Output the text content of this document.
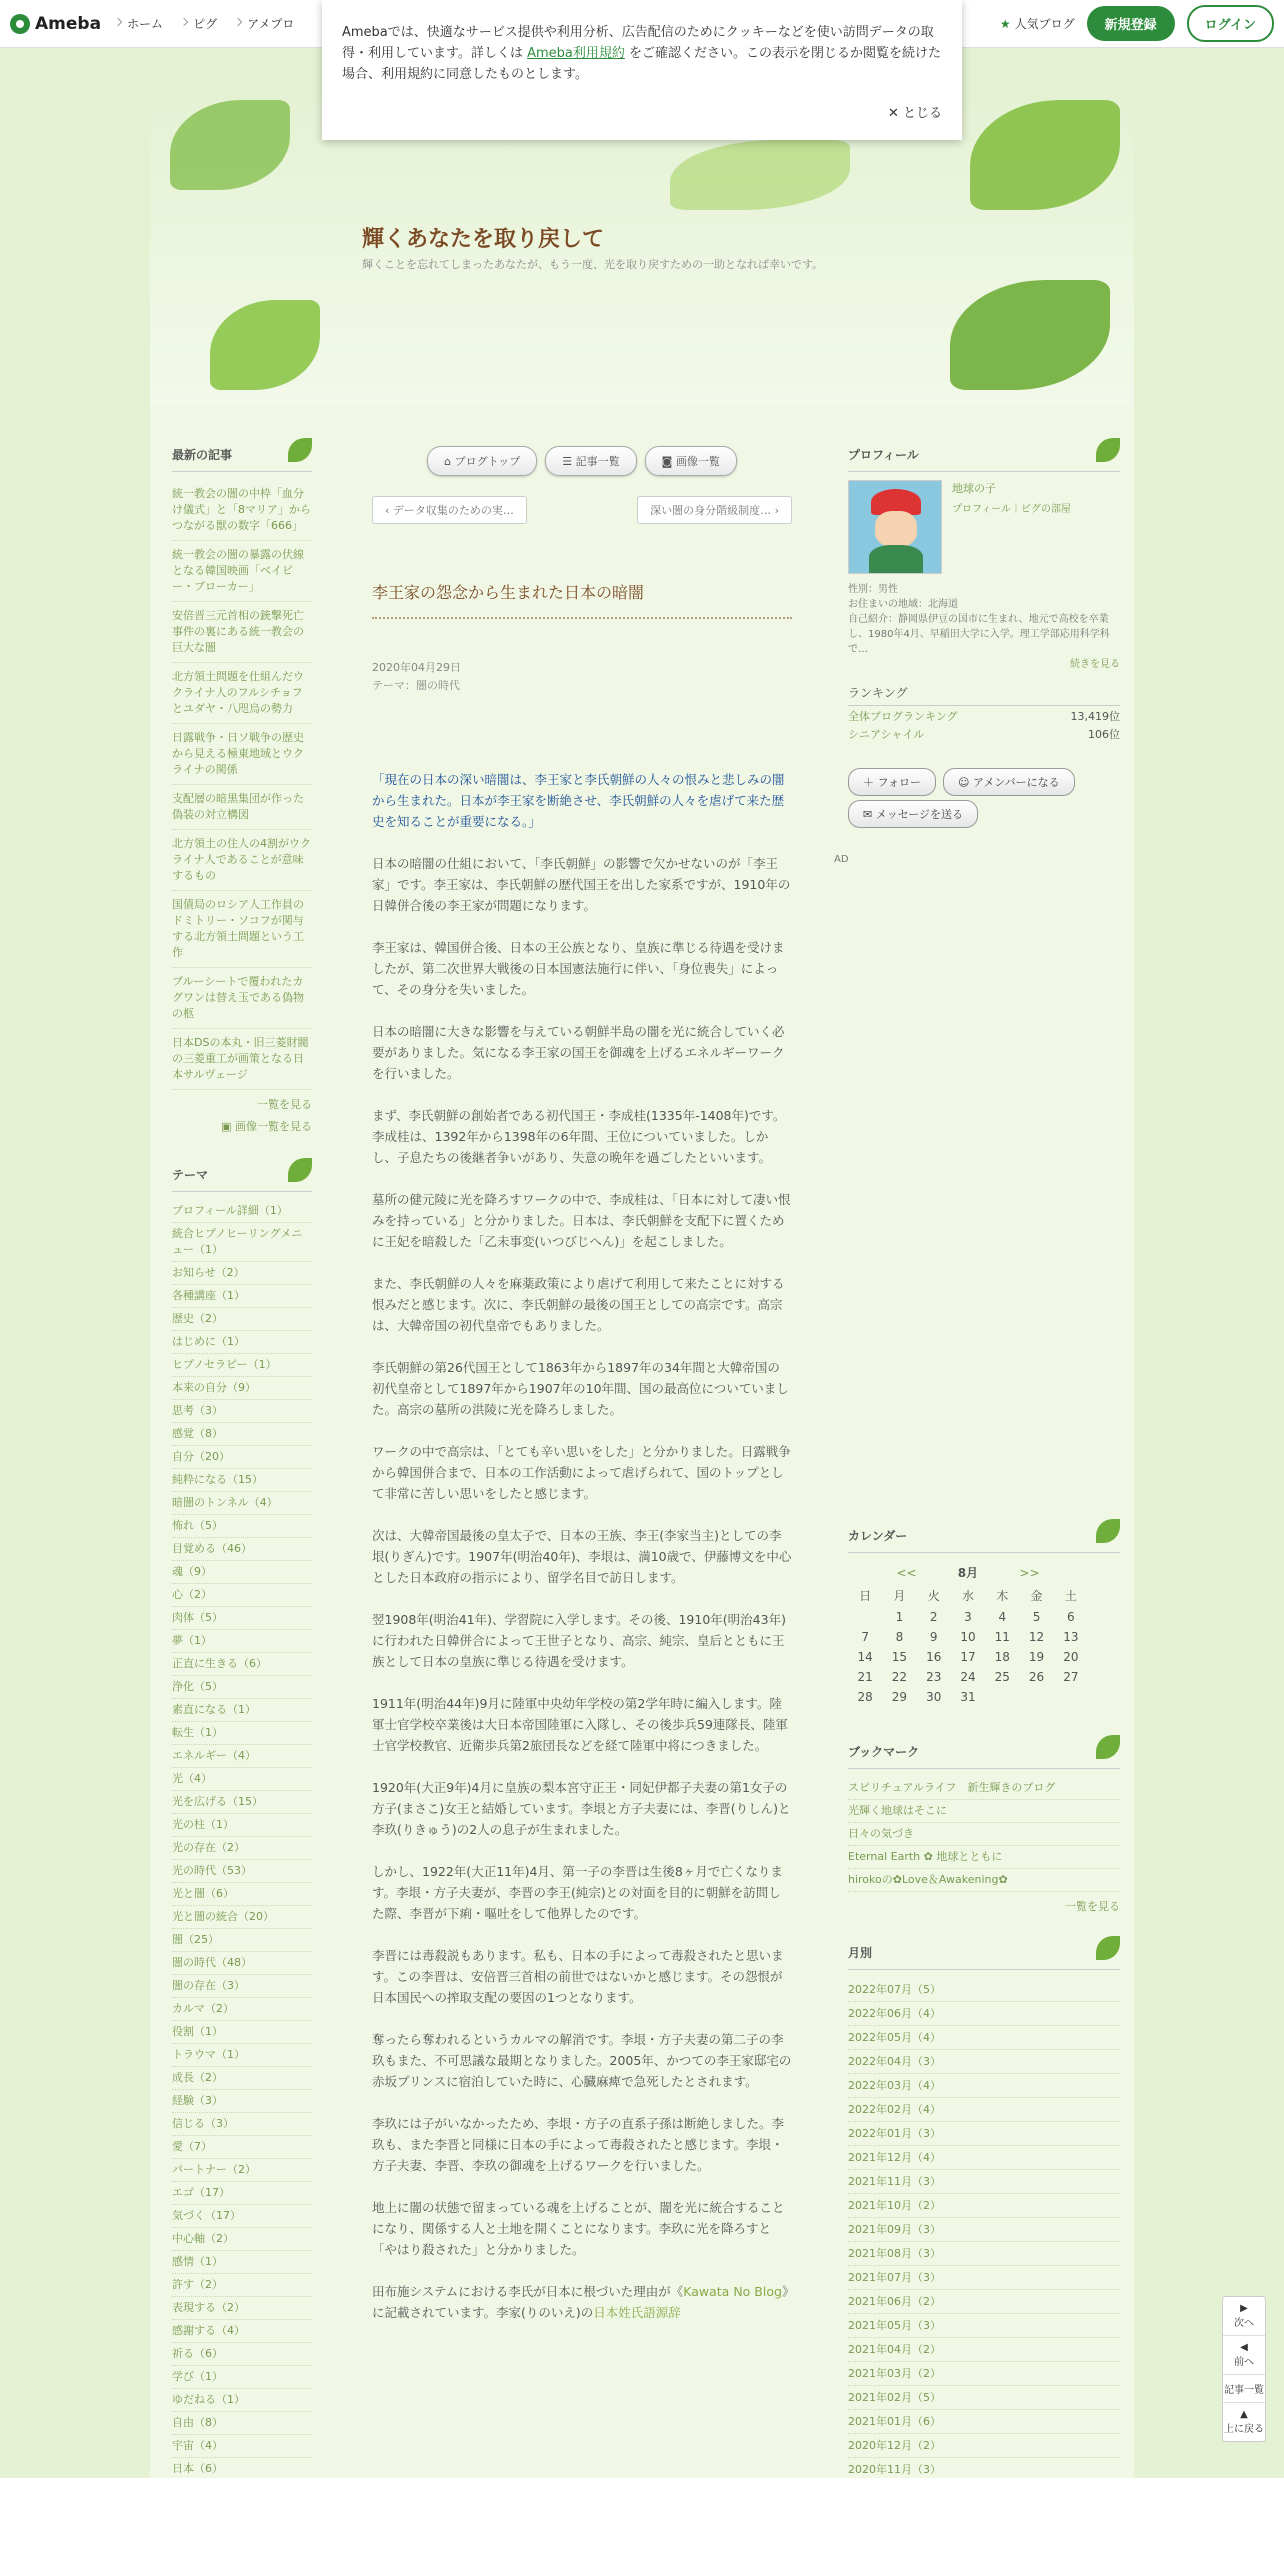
Ameba	ホーム	ピグ	アメプロ	★ 人気ブログ	新規登録	ログイン
Amebaでは、快適なサービス提供や利用分析、広告配信のためにクッキーなどを使い訪問データの取得・利用しています。詳しくは Ameba利用規約 をご確認ください。この表示を閉じるか閲覧を続けた場合、利用規約に同意したものとします。
✕ とじる
輝くあなたを取り戻して
輝くことを忘れてしまったあなたが、もう一度、光を取り戻すための一助となれば幸いです。
最新の記事
統一教会の闇の中枠「血分け儀式」と「8マリア」からつながる獣の数字「666」
統一教会の闇の暴露の伏線となる韓国映画「ベイビー・ブローカー」
安倍晋三元首相の銃撃死亡事件の裏にある統一教会の巨大な闇
北方領土問題を仕組んだウクライナ人のフルシチョフとユダヤ・八咫烏の勢力
日露戦争・日ソ戦争の歴史から見える極東地域とウクライナの関係
支配層の暗黒集団が作った偽装の対立構図
北方領土の住人の4割がウクライナ人であることが意味するもの
国債局のロシア人工作員のドミトリー・ソコフが関与する北方領土問題という工作
ブルーシートで覆われたカグワンは替え玉である偽物の柩
日本DSの本丸・旧三菱財閥の三菱重工が画策となる日本サルヴェージ
一覧を見る
▣ 画像一覧を見る
テーマ
プロフィール詳細（1）
統合ヒプノヒーリングメニュー（1）
お知らせ（2）
各種講座（1）
歴史（2）
はじめに（1）
ヒプノセラピー（1）
本来の自分（9）
思考（3）
感覚（8）
自分（20）
純粋になる（15）
暗闇のトンネル（4）
怖れ（5）
目覚める（46）
魂（9）
心（2）
肉体（5）
夢（1）
正直に生きる（6）
浄化（5）
素直になる（1）
転生（1）
エネルギー（4）
光（4）
光を広げる（15）
光の柱（1）
光の存在（2）
光の時代（53）
光と闇（6）
光と闇の統合（20）
闇（25）
闇の時代（48）
闇の存在（3）
カルマ（2）
役割（1）
トラウマ（1）
成長（2）
経験（3）
信じる（3）
愛（7）
パートナー（2）
エゴ（17）
気づく（17）
中心軸（2）
感情（1）
許す（2）
表現する（2）
感謝する（4）
祈る（6）
学び（1）
ゆだねる（1）
自由（8）
宇宙（4）
日本（6）
⌂ ブログトップ	☰ 記事一覧	◙ 画像一覧
‹ データ収集のための実…	深い闇の身分階級制度… ›
李王家の怨念から生まれた日本の暗闇
2020年04月29日
テーマ：闇の時代
「現在の日本の深い暗闇は、李王家と李氏朝鮮の人々の恨みと悲しみの闇から生まれた。日本が李王家を断絶させ、李氏朝鮮の人々を虐げて来た歴史を知ることが重要になる。」
日本の暗闇の仕組において、「李氏朝鮮」の影響で欠かせないのが「李王家」です。李王家は、李氏朝鮮の歴代国王を出した家系ですが、1910年の日韓併合後の李王家が問題になります。
李王家は、韓国併合後、日本の王公族となり、皇族に準じる待遇を受けましたが、第二次世界大戦後の日本国憲法施行に伴い、「身位喪失」によって、その身分を失いました。
日本の暗闇に大きな影響を与えている朝鮮半島の闇を光に統合していく必要がありました。気になる李王家の国王を御魂を上げるエネルギーワークを行いました。
まず、李氏朝鮮の創始者である初代国王・李成桂(1335年-1408年)です。李成桂は、1392年から1398年の6年間、王位についていました。しかし、子息たちの後継者争いがあり、失意の晩年を過ごしたといいます。
墓所の健元陵に光を降ろすワークの中で、李成桂は、「日本に対して凄い恨みを持っている」と分かりました。日本は、李氏朝鮮を支配下に置くために王妃を暗殺した「乙未事変(いつびじへん)」を起こしました。
また、李氏朝鮮の人々を麻薬政策により虐げて利用して来たことに対する恨みだと感じます。次に、李氏朝鮮の最後の国王としての高宗です。高宗は、大韓帝国の初代皇帝でもありました。
李氏朝鮮の第26代国王として1863年から1897年の34年間と大韓帝国の初代皇帝として1897年から1907年の10年間、国の最高位についていました。高宗の墓所の洪陵に光を降ろしました。
ワークの中で高宗は、「とても辛い思いをした」と分かりました。日露戦争から韓国併合まで、日本の工作活動によって虐げられて、国のトップとして非常に苦しい思いをしたと感じます。
次は、大韓帝国最後の皇太子で、日本の王族、李王(李家当主)としての李垠(りぎん)です。1907年(明治40年)、李垠は、満10歳で、伊藤博文を中心とした日本政府の指示により、留学名目で訪日します。
翌1908年(明治41年)、学習院に入学します。その後、1910年(明治43年)に行われた日韓併合によって王世子となり、高宗、純宗、皇后とともに王族として日本の皇族に準じる待遇を受けます。
1911年(明治44年)9月に陸軍中央幼年学校の第2学年時に編入します。陸軍士官学校卒業後は大日本帝国陸軍に入隊し、その後歩兵59連隊長、陸軍士官学校教官、近衛歩兵第2旅団長などを経て陸軍中将につきました。
1920年(大正9年)4月に皇族の梨本宮守正王・同妃伊都子夫妻の第1女子の方子(まさこ)女王と結婚しています。李垠と方子夫妻には、李晋(りしん)と李玖(りきゅう)の2人の息子が生まれました。
しかし、1922年(大正11年)4月、第一子の李晋は生後8ヶ月で亡くなります。李垠・方子夫妻が、李晋の李王(純宗)との対面を目的に朝鮮を訪問した際、李晋が下痢・嘔吐をして他界したのです。
李晋には毒殺説もあります。私も、日本の手によって毒殺されたと思います。この李晋は、安倍晋三首相の前世ではないかと感じます。その怨恨が日本国民への搾取支配の要因の1つとなります。
奪ったら奪われるというカルマの解消です。李垠・方子夫妻の第二子の李玖もまた、不可思議な最期となりました。2005年、かつての李王家邸宅の赤坂プリンスに宿泊していた時に、心臓麻痺で急死したとされます。
李玖には子がいなかったため、李垠・方子の直系子孫は断絶しました。李玖も、また李晋と同様に日本の手によって毒殺されたと感じます。李垠・方子夫妻、李晋、李玖の御魂を上げるワークを行いました。
地上に闇の状態で留まっている魂を上げることが、闇を光に統合することになり、関係する人と土地を開くことになります。李玖に光を降ろすと「やはり殺された」と分かりました。
田布施システムにおける李氏が日本に根づいた理由が《Kawata No Blog》に記載されています。李家(りのいえ)の日本姓氏語源辞
プロフィール
地球の子
プロフィール｜ピグの部屋
性別：男性
お住まいの地域：北海道
自己紹介：静岡県伊豆の国市に生まれ、地元で高校を卒業し、1980年4月、早稲田大学に入学。理工学部応用科学科で…
続きを見る
ランキング
全体ブログランキング	13,419位
シニアシャイル	106位
＋ フォロー	☺ アメンバーになる ✉ メッセージを送る
AD
カレンダー
<<		8月			>>	
日	月	火	水	木	金	土
	1	2	3	4	5	6
7	8	9	10	11	12	13
14	15	16	17	18	19	20
21	22	23	24	25	26	27
28	29	30	31			
ブックマーク
スピリチュアルライフ　新生輝きのブログ
光輝く地球はそこに
日々の気づき
Eternal Earth ✿ 地球とともに
hirokoの✿Love＆Awakening✿
一覧を見る
月別
2022年07月（5）
2022年06月（4）
2022年05月（4）
2022年04月（3）
2022年03月（4）
2022年02月（4）
2022年01月（3）
2021年12月（4）
2021年11月（3）
2021年10月（2）
2021年09月（3）
2021年08月（3）
2021年07月（3）
2021年06月（2）
2021年05月（3）
2021年04月（2）
2021年03月（2）
2021年02月（5）
2021年01月（6）
2020年12月（2）
2020年11月（3）
▶
次へ
◀
前へ
記事一覧
▲
上に戻る
